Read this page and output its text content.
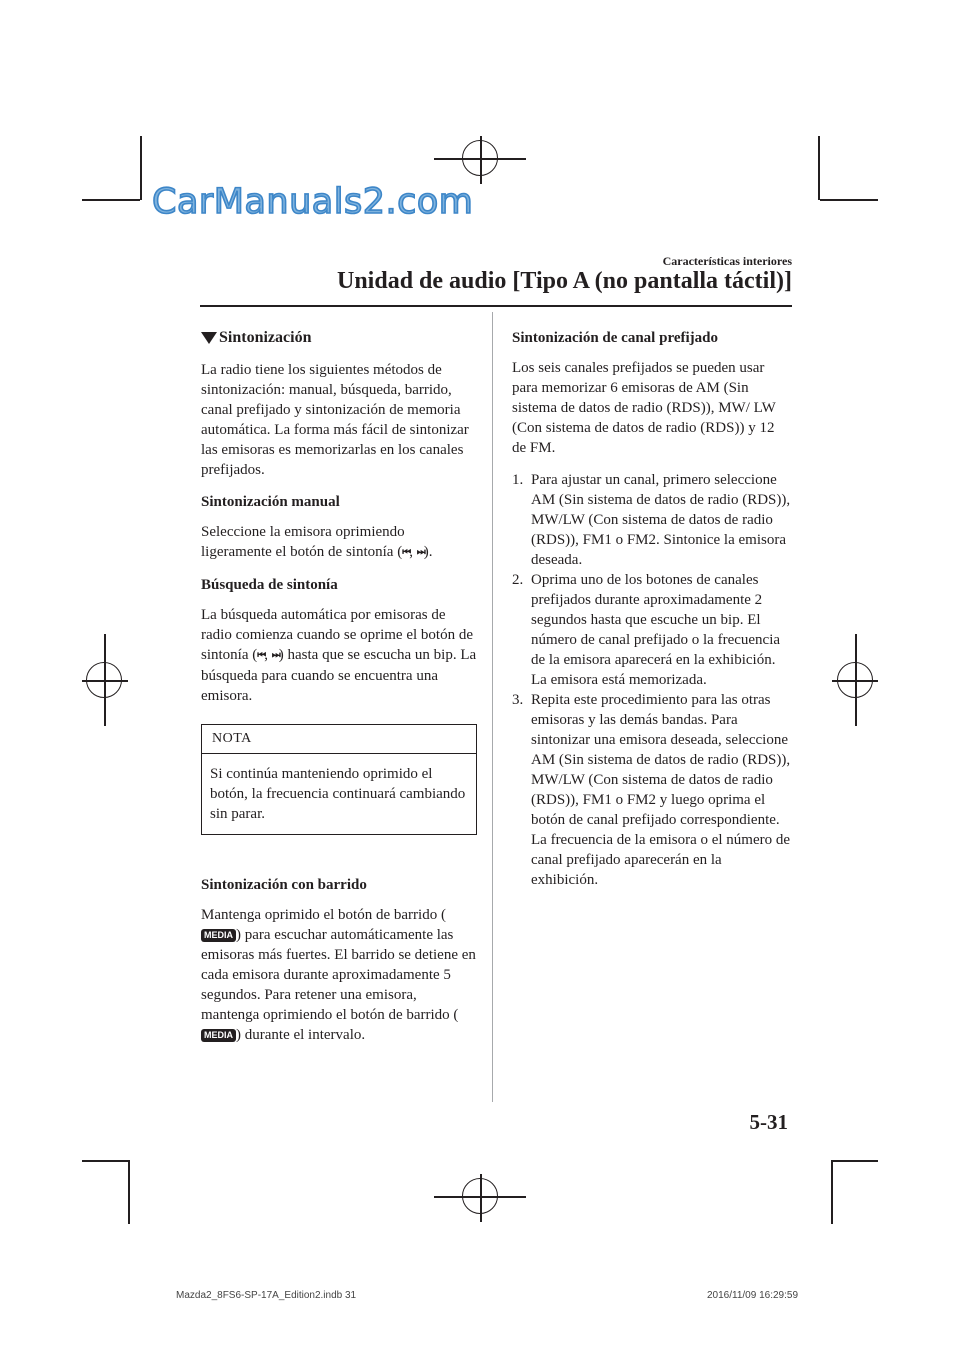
CarManuals2.com
Características interiores
Unidad de audio [Tipo A (no pantalla táctil)]
Sintonización

La radio tiene los siguientes métodos de sintonización: manual, búsqueda, barrido, canal prefijado y sintonización de memoria automática. La forma más fácil de sintonizar las emisoras es memorizarlas en los canales prefijados.

Sintonización manual

Seleccione la emisora oprimiendo ligeramente el botón de sintonía (⏮, ⏭).

Búsqueda de sintonía

La búsqueda automática por emisoras de radio comienza cuando se oprime el botón de sintonía (⏮, ⏭) hasta que se escucha un bip. La búsqueda para cuando se encuentra una emisora.

NOTA
Si continúa manteniendo oprimido el botón, la frecuencia continuará cambiando sin parar.
Sintonización con barrido

Mantenga oprimido el botón de barrido (MEDIA ) para escuchar automáticamente las emisoras más fuertes. El barrido se detiene en cada emisora durante aproximadamente 5 segundos. Para retener una emisora, mantenga oprimiendo el botón de barrido (MEDIA ) durante el intervalo.

Sintonización de canal prefijado

Los seis canales prefijados se pueden usar para memorizar 6 emisoras de AM (Sin sistema de datos de radio (RDS)), MW/ LW (Con sistema de datos de radio (RDS)) y 12 de FM.

1. Para ajustar un canal, primero seleccione AM (Sin sistema de datos de radio (RDS)), MW/LW (Con sistema de datos de radio (RDS)), FM1 o FM2. Sintonice la emisora deseada.
2. Oprima uno de los botones de canales prefijados durante aproximadamente 2 segundos hasta que escuche un bip. El número de canal prefijado o la frecuencia de la emisora aparecerá en la exhibición. La emisora está memorizada.
3. Repita este procedimiento para las otras emisoras y las demás bandas. Para sintonizar una emisora deseada, seleccione AM (Sin sistema de datos de radio (RDS)), MW/LW (Con sistema de datos de radio (RDS)), FM1 o FM2 y luego oprima el botón de canal prefijado correspondiente. La frecuencia de la emisora o el número de canal prefijado aparecerán en la exhibición.
5-31
Mazda2_8FS6-SP-17A_Edition2.indb 31	2016/11/09 16:29:59
